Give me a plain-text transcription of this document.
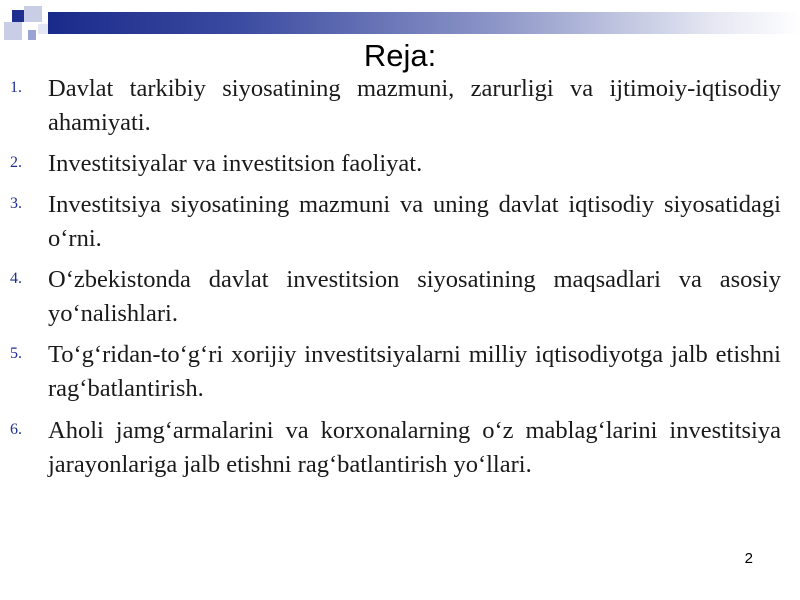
Reja:
1. Davlat tarkibiy siyosatining mazmuni, zarurligi va ijtimoiy-iqtisodiy ahamiyati.

2. Investitsiyalar va investitsion faoliyat.

3. Investitsiya siyosatining mazmuni va uning davlat iqtisodiy siyosatidagi o‘rni.

4. O‘zbekistonda davlat investitsion siyosatining maqsadlari va asosiy yo‘nalishlari.

5. To‘g‘ridan-to‘g‘ri xorijiy investitsiyalarni milliy iqtisodiyotga jalb etishni rag‘batlantirish.

6. Aholi jamg‘armalarini va korxonalarning o‘z mablag‘larini investitsiya jarayonlariga jalb etishni rag‘batlantirish yo‘llari.

2
